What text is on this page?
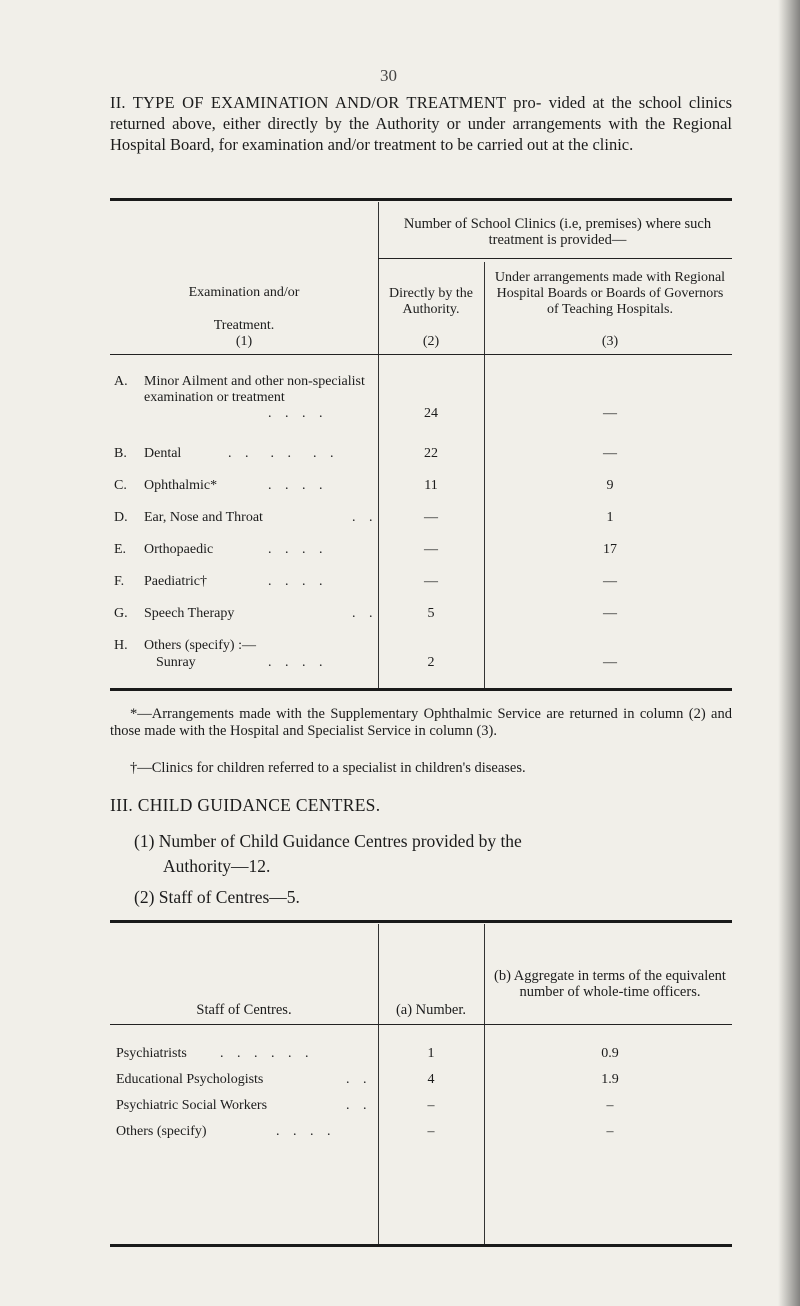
30

II. TYPE OF EXAMINATION AND/OR TREATMENT pro- vided at the school clinics returned above, either directly by the Authority or under arrangements with the Regional Hospital Board, for examination and/or treatment to be carried out at the clinic.

Number of School Clinics (i.e, premises) where such treatment is provided—
Examination and/or
Treatment.
(1)
Directly by the Authority.
(2)
Under arrangements made with Regional Hospital Boards or Boards of Governors of Teaching Hospitals.
(3)
A. Minor Ailment and other non-specialist examination or treatment
. . . .	24	—
B. Dental	. .  . .  . .	22	—
C. Ophthalmic*	. . . .	11	9
D. Ear, Nose and Throat	. .	—	1
E. Orthopaedic	. . . .	—	17
F. Paediatric†	. . . .	—	—
G. Speech Therapy	. .	5	—
H. Others (specify) :—
Sunray	. . . .	2	—

*—Arrangements made with the Supplementary Ophthalmic Service are returned in column (2) and those made with the Hospital and Specialist Service in column (3).

†—Clinics for children referred to a specialist in children's diseases.

III. CHILD GUIDANCE CENTRES.
(1) Number of Child Guidance Centres provided by the
Authority—12.
(2) Staff of Centres—5.
Staff of Centres.	(a) Number.
(b) Aggregate in terms of the equivalent number of whole-time officers.
Psychiatrists . . . . . .	1	0.9
Educational Psychologists	. .	4	1.9
Psychiatric Social Workers	. .	–	–
Others (specify)	. . . .	–	–
